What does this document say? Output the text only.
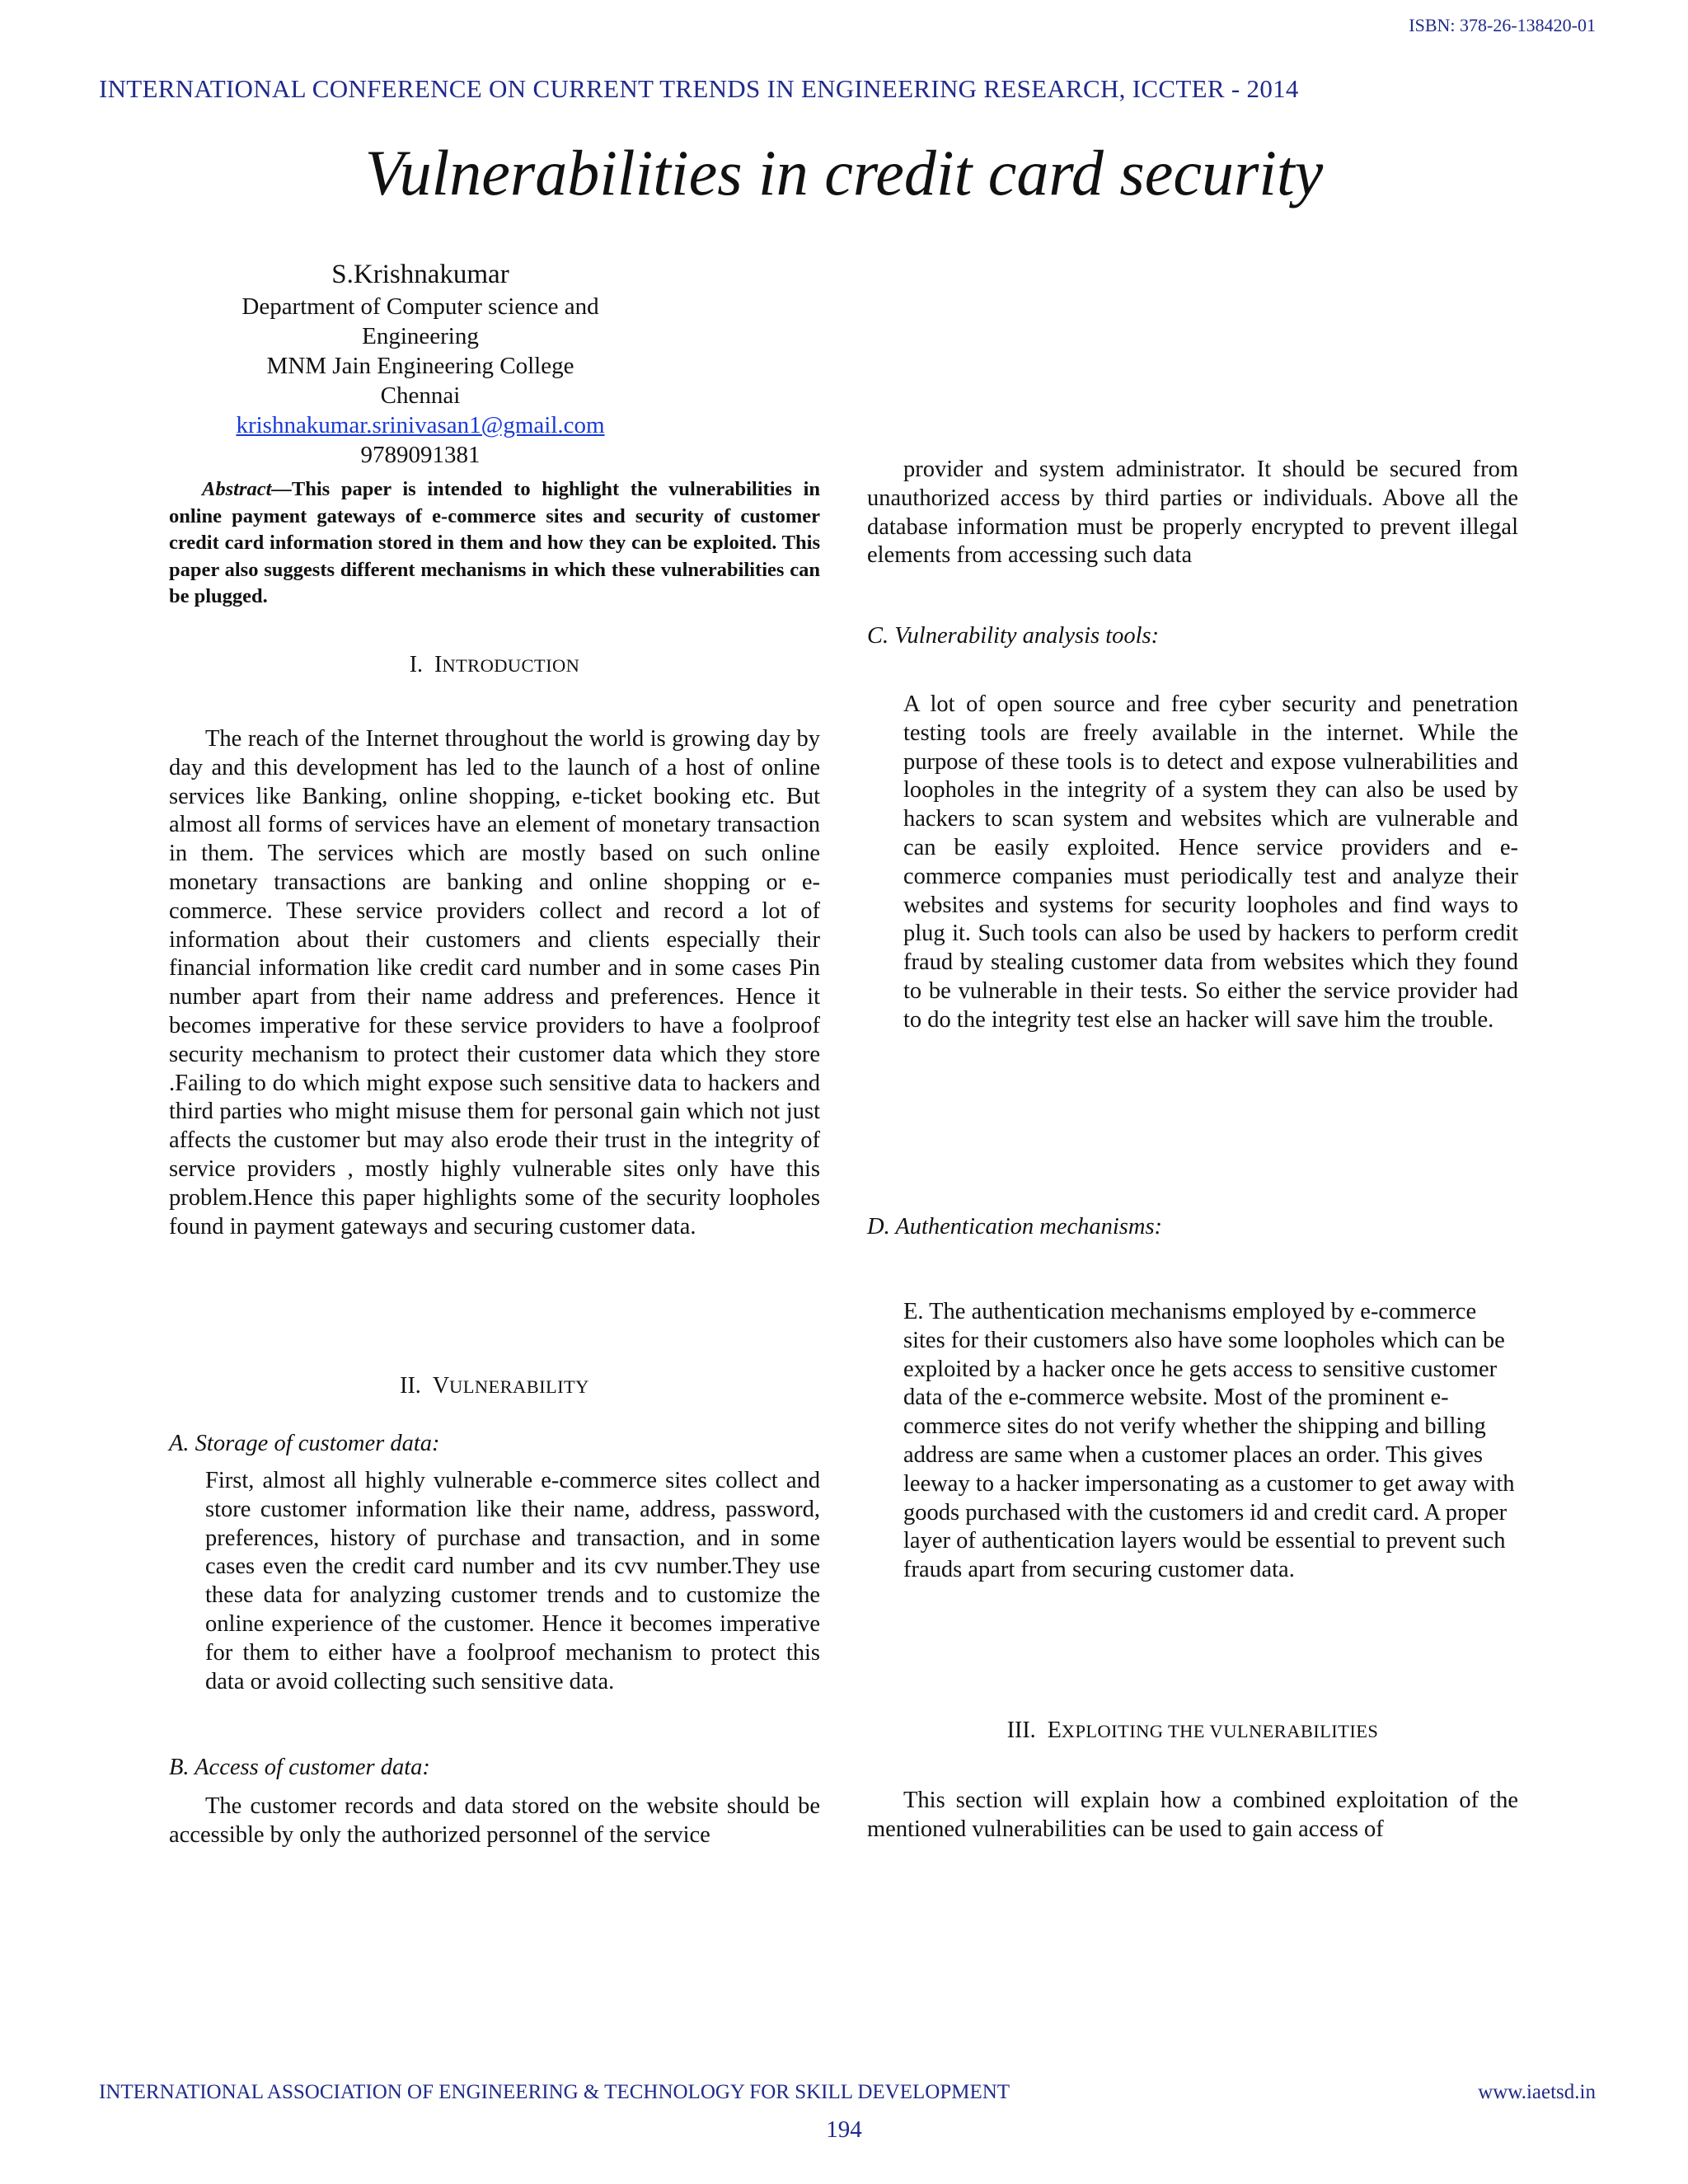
ISBN: 378-26-138420-01
INTERNATIONAL CONFERENCE ON CURRENT TRENDS IN ENGINEERING RESEARCH, ICCTER - 2014
Vulnerabilities in credit card security
S.Krishnakumar
Department of Computer science and Engineering
MNM Jain Engineering College
Chennai
krishnakumar.srinivasan1@gmail.com
9789091381
Abstract—This paper is intended to highlight the vulnerabilities in online payment gateways of e-commerce sites and security of customer credit card information stored in them and how they can be exploited. This paper also suggests different mechanisms in which these vulnerabilities can be plugged.
I. INTRODUCTION
The reach of the Internet throughout the world is growing day by day and this development has led to the launch of a host of online services like Banking, online shopping, e-ticket booking etc. But almost all forms of services have an element of monetary transaction in them. The services which are mostly based on such online monetary transactions are banking and online shopping or e-commerce. These service providers collect and record a lot of information about their customers and clients especially their financial information like credit card number and in some cases Pin number apart from their name address and preferences. Hence it becomes imperative for these service providers to have a foolproof security mechanism to protect their customer data which they store .Failing to do which might expose such sensitive data to hackers and third parties who might misuse them for personal gain which not just affects the customer but may also erode their trust in the integrity of service providers , mostly highly vulnerable sites only have this problem.Hence this paper highlights some of the security loopholes found in payment gateways and securing customer data.
II. VULNERABILITY
A. Storage of customer data:
First, almost all highly vulnerable e-commerce sites collect and store customer information like their name, address, password, preferences, history of purchase and transaction, and in some cases even the credit card number and its cvv number.They use these data for analyzing customer trends and to customize the online experience of the customer. Hence it becomes imperative for them to either have a foolproof mechanism to protect this data or avoid collecting such sensitive data.
B. Access of customer data:
The customer records and data stored on the website should be accessible by only the authorized personnel of the service
provider and system administrator. It should be secured from unauthorized access by third parties or individuals. Above all the database information must be properly encrypted to prevent illegal elements from accessing such data
C. Vulnerability analysis tools:
A lot of open source and free cyber security and penetration testing tools are freely available in the internet. While the purpose of these tools is to detect and expose vulnerabilities and loopholes in the integrity of a system they can also be used by hackers to scan system and websites which are vulnerable and can be easily exploited. Hence service providers and e-commerce companies must periodically test and analyze their websites and systems for security loopholes and find ways to plug it. Such tools can also be used by hackers to perform credit fraud by stealing customer data from websites which they found to be vulnerable in their tests. So either the service provider had to do the integrity test else an hacker will save him the trouble.
D. Authentication mechanisms:
E. The authentication mechanisms employed by e-commerce sites for their customers also have some loopholes which can be exploited by a hacker once he gets access to sensitive customer data of the e-commerce website. Most of the prominent e-commerce sites do not verify whether the shipping and billing address are same when a customer places an order. This gives leeway to a hacker impersonating as a customer to get away with goods purchased with the customers id and credit card. A proper layer of authentication layers would be essential to prevent such frauds apart from securing customer data.
III. EXPLOITING THE VULNERABILITIES
This section will explain how a combined exploitation of the mentioned vulnerabilities can be used to gain access of
INTERNATIONAL ASSOCIATION OF ENGINEERING & TECHNOLOGY FOR SKILL DEVELOPMENT	www.iaetsd.in
194
